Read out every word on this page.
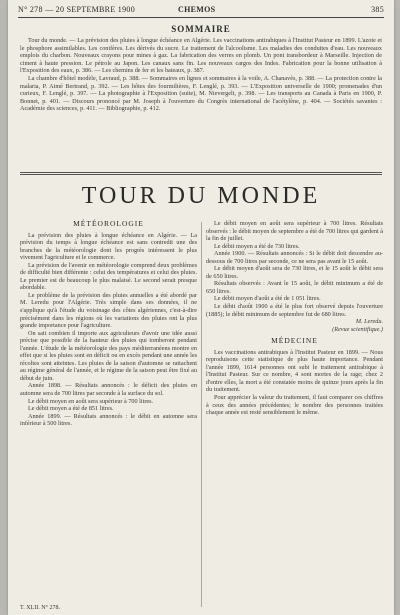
N° 278 — 20 SEPTEMBRE 1900	CHEMOS	385
SOMMAIRE

Tour du monde. — La prévision des pluies à longue échéance en Algérie. Les vaccinations antirabiques à l'Institut Pasteur en 1899. L'azote et le phosphore assimilables. Les conifères. Les dérivés du sucre. Le traitement de l'alcoolisme. Les maladies des conduites d'eau. Les nouveaux emplois du charbon. Nouveaux crayons pour mines à gaz. La fabrication des verres en plomb. Un pont transbordeur à Marseille. Injection de ciment à haute pression. Le pétrole au Japon. Les canaux sans fin. Les nouveaux cargos des Indes. Fabrication pour la bonne utilisation à l'Exposition des eaux, p. 386. — Les chemins de fer et les bateaux, p. 387.

La chambre d'hôtel modèle, Lavraud, p. 388. — Sommaires en lignes et sommaires à la voile, A. Chanavès, p. 388. — La protection contre la malaria, P. Aimé Bertrand, p. 392. — Les hôtes des fourmilières, F. Lenglé, p. 393. — L'Exposition universelle de 1900; promenades d'un curieux, F. Lenglé, p. 397. — La photographie à l'Exposition (suite), M. Nievergelt, p. 398. — Les transports au Canada à Paris en 1900, P. Bonnet, p. 401. — Discours prononcé par M. Joseph à l'ouverture du Congrès international de l'acétylène, p. 404. — Sociétés savantes : Académie des sciences, p. 411. — Bibliographie, p. 412.

TOUR DU MONDE
MÉTÉOROLOGIE

La prévision des pluies à longue échéance en Algérie. — La prévision du temps à longue échéance est sans contredit une des branches de la météorologie dont les progrès intéressent le plus vivement l'agriculture et le commerce.

La prévision de l'avenir en météorologie comprend deux problèmes de difficulté bien différente : celui des températures et celui des pluies. Le premier est de beaucoup le plus malaisé. Le second serait presque abordable.

Le problème de la prévision des pluies annuelles a été abordé par M. Leredu pour l'Algérie. Très simple dans ses données, il ne s'applique qu'à l'étude du voisinage des côtes algériennes, c'est-à-dire précisément dans les régions où les variations des pluies ont la plus grande importance pour l'agriculture.

On sait combien il importe aux agriculteurs d'avoir une idée aussi précise que possible de la hauteur des pluies qui tomberont pendant l'année. L'étude de la météorologie des pays méditerranéens montre en effet que si les pluies sont en déficit ou en excès pendant une année les récoltes sont atteintes. Les pluies de la saison d'automne se rattachent au régime général de l'année, et le régime de la saison peut être fixé au début de juin.

Année 1898. — Résultats annoncés : le déficit des pluies en automne sera de 700 litres par seconde à la surface du sol.

Le débit moyen en août sera supérieur à 700 litres.

Le débit moyen a été de 851 litres.

Année 1899. — Résultats annoncés : le débit en automne sera inférieur à 500 litres.

Le débit moyen en août sera supérieur à 700 litres. Résultats observés : le débit moyen de septembre a été de 700 litres qui gardent à la fin de juillet.

Le débit moyen a été de 730 litres.

Année 1900. — Résultats annoncés : Si le débit doit descendre au-dessous de 700 litres par seconde, ce ne sera pas avant le 15 août.

Le débit moyen d'août sera de 730 litres, et le 15 août le débit sera de 650 litres.

Résultats observés : Avant le 15 août, le débit minimum a été de 650 litres.

Le débit moyen d'août a été de 1 051 litres.

Le débit d'août 1900 a été le plus fort observé depuis l'ouverture (1885); le débit minimum de septembre fut de 680 litres.

M. Leredu.

(Revue scientifique.)

MÉDECINE

Les vaccinations antirabiques à l'Institut Pasteur en 1899. — Nous reproduisons cette statistique de plus haute importance. Pendant l'année 1899, 1614 personnes ont subi le traitement antirabique à l'Institut Pasteur. Sur ce nombre, 4 sont mortes de la rage; chez 2 d'entre elles, la mort a été constatée moins de quinze jours après la fin du traitement.

Pour apprécier la valeur du traitement, il faut comparer ces chiffres à ceux des années précédentes; le nombre des personnes traitées chaque année est resté sensiblement le même.

T. XLII. N° 278.
